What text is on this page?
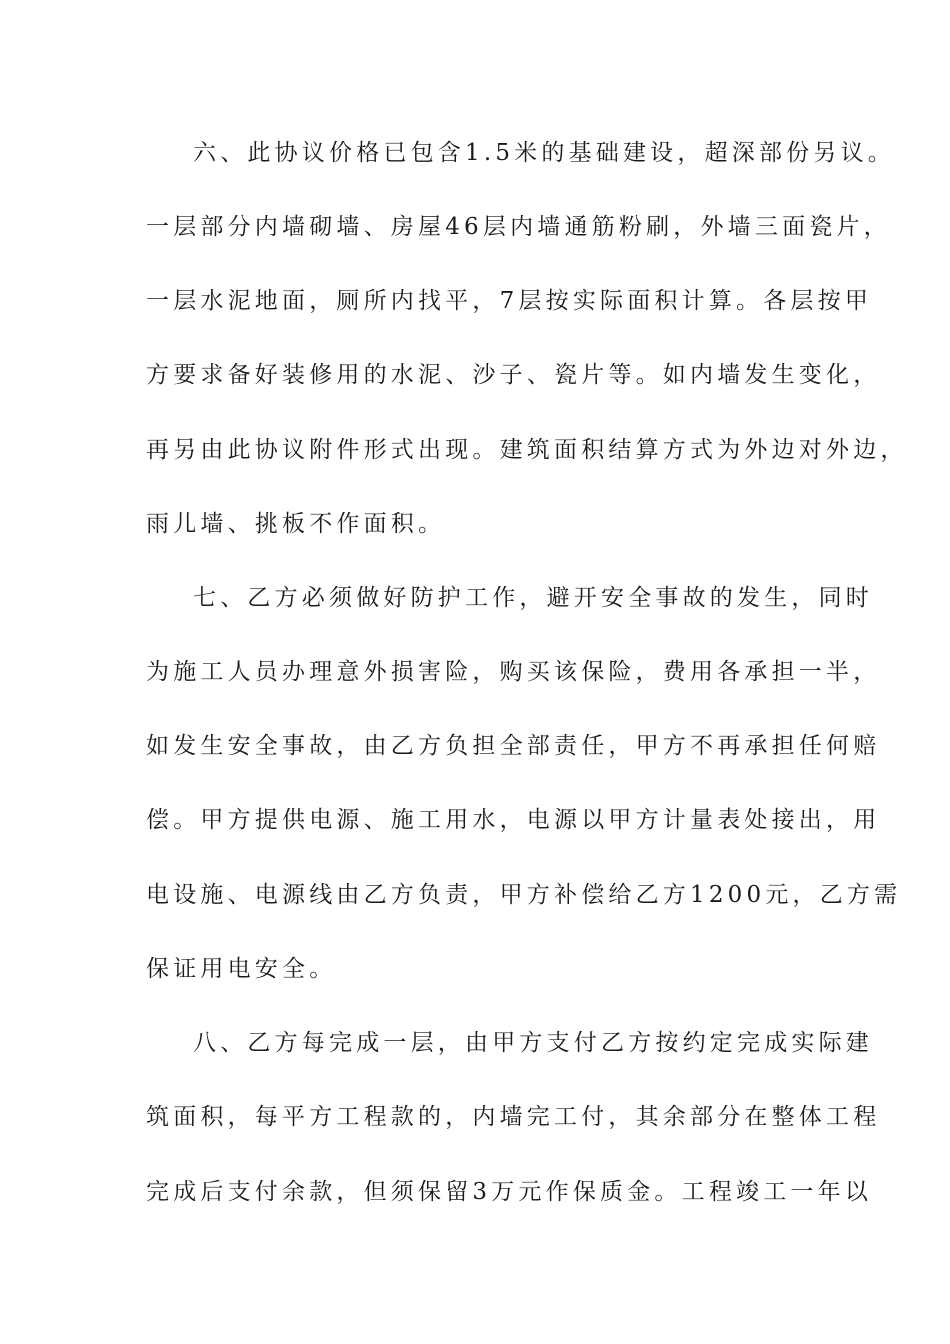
六、此协议价格已包含1.5米的基础建设，超深部份另议。
一层部分内墙砌墙、房屋46层内墙通筋粉刷，外墙三面瓷片，
一层水泥地面，厕所内找平，7层按实际面积计算。各层按甲
方要求备好装修用的水泥、沙子、瓷片等。如内墙发生变化，
再另由此协议附件形式出现。建筑面积结算方式为外边对外边，
雨儿墙、挑板不作面积。
七、乙方必须做好防护工作，避开安全事故的发生，同时
为施工人员办理意外损害险，购买该保险，费用各承担一半，
如发生安全事故，由乙方负担全部责任，甲方不再承担任何赔
偿。甲方提供电源、施工用水，电源以甲方计量表处接出，用
电设施、电源线由乙方负责，甲方补偿给乙方1200元，乙方需
保证用电安全。
八、乙方每完成一层，由甲方支付乙方按约定完成实际建
筑面积，每平方工程款的，内墙完工付，其余部分在整体工程
完成后支付余款，但须保留3万元作保质金。工程竣工一年以
